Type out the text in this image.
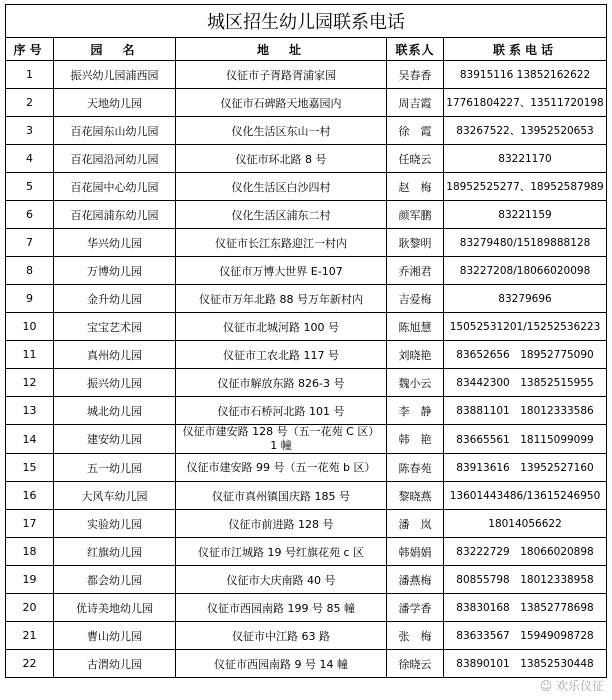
城区招生幼儿园联系电话				
序号	园　名	地　址	联系人	联系电话
1	振兴幼儿园浦西园	仪征市子胥路胥浦家园	吴春香	83915116 13852162622
2	天地幼儿园	仪征市石碑路天地嘉园内	周吉霞	17761804227、13511720198
3	百花园东山幼儿园	仪化生活区东山一村	徐　霞	83267522、13952520653
4	百花园沿河幼儿园	仪征市环北路 8 号	任晓云	83221170
5	百花园中心幼儿园	仪化生活区白沙四村	赵　梅	18952525277、18952587989
6	百花园浦东幼儿园	仪化生活区浦东二村	颜军鹏	83221159
7	华兴幼儿园	仪征市长江东路迎江一村内	耿黎明	83279480/15189888128
8	万博幼儿园	仪征市万博大世界 E-107	乔湘君	83227208/18066020098
9	金升幼儿园	仪征市万年北路 88 号万年新村内	吉爱梅	83279696
10	宝宝艺术园	仪征市北城河路 100 号	陈旭慧	15052531201/15252536223
11	真州幼儿园	仪征市工农北路 117 号	刘晓艳	83652656　18952775090
12	振兴幼儿园	仪征市解放东路 826-3 号	魏小云	83442300　13852515955
13	城北幼儿园	仪征市石桥河北路 101 号	李　静	83881101　18012333586
14	建安幼儿园	仪征市建安路 128 号（五一花苑 C 区）1 幢	韩　艳	83665561　18115099099
15	五一幼儿园	仪征市建安路 99 号（五一花苑 b 区）	陈春苑	83913616　13952527160
16	大风车幼儿园	仪征市真州镇国庆路 185 号	黎晓燕	13601443486/13615246950
17	实验幼儿园	仪征市前进路 128 号	潘　岚	18014056622
18	红旗幼儿园	仪征市江城路 19 号红旗花苑 c 区	韩娟娟	83222729　18066020898
19	都会幼儿园	仪征市大庆南路 40 号	潘燕梅	80855798　18012338958
20	优诗美地幼儿园	仪征市西园南路 199 号 85 幢	潘学香	83830168　13852778698
21	曹山幼儿园	仪征市中江路 63 路	张　梅	83633567　15949098728
22	古渭幼儿园	仪征市西园南路 9 号 14 幢	徐晓云	83890101　13852530448
☺ 欢乐仪征
